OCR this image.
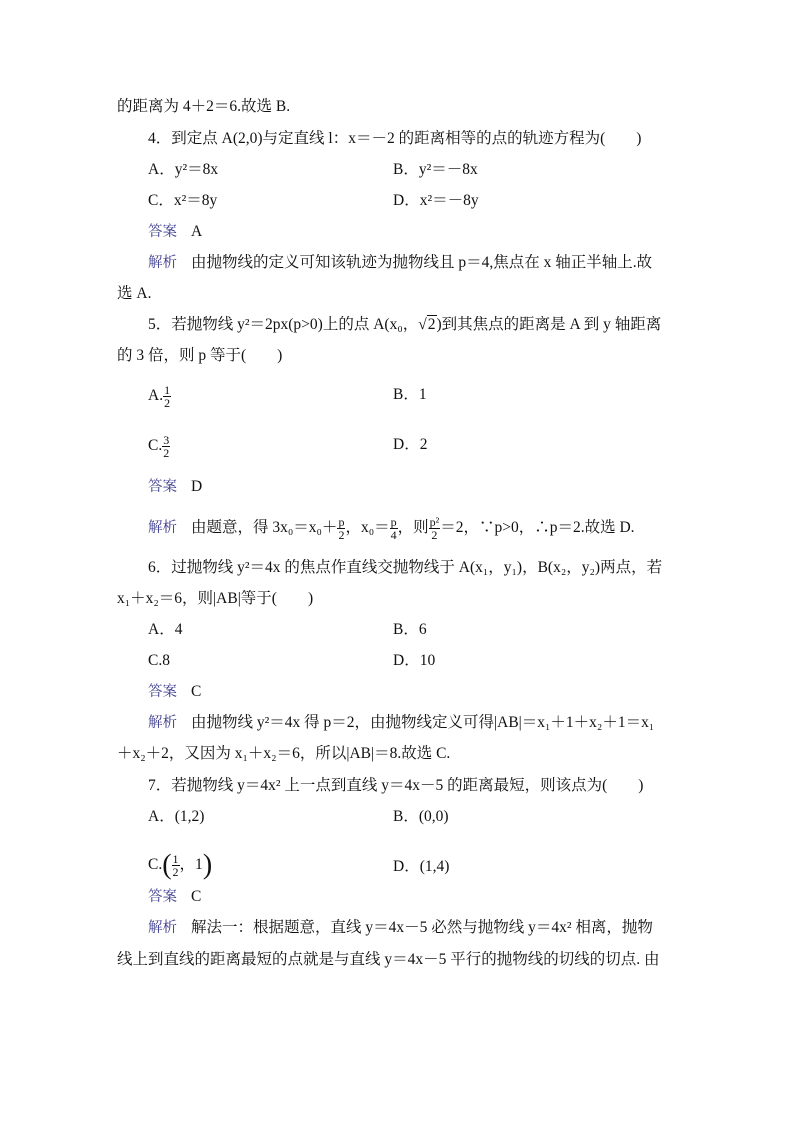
的距离为 4＋2＝6.故选 B.
4．到定点 A(2,0)与定直线 l：x＝－2 的距离相等的点的轨迹方程为(　　)
A．y²＝8x	B．y²＝－8x
C．x²＝8y	D．x²＝－8y
答案 A
解析 由抛物线的定义可知该轨迹为抛物线且 p＝4,焦点在 x 轴正半轴上.故
选 A.
5．若抛物线 y²＝2px(p>0)上的点 A(x₀，√2)到其焦点的距离是 A 到 y 轴距离
的 3 倍，则 p 等于(　　)
A. $\frac{1}{2}$	B．1
C. $\frac{3}{2}$	D．2
答案 D
解析 由题意，得 $3x_0=x_0+ \frac{p}{2}$ ，$x_0= \frac{p}{4}$ ，则 $\frac{\text{p²}}{2} =2$，∵p>0，∴p＝2.故选 D.
6．过抛物线 y²＝4x 的焦点作直线交抛物线于 A(x₁，y₁)，B(x₂，y₂)两点，若
x₁＋x₂＝6，则|AB|等于(　　)
A．4	B．6
C.8	D．10
答案 C
解析 由抛物线 y²＝4x 得 p＝2，由抛物线定义可得|AB|＝x₁＋1＋x₂＋1＝x₁
＋x₂＋2，又因为 x₁＋x₂＝6，所以|AB|＝8.故选 C.
7．若抛物线 y＝4x² 上一点到直线 y＝4x－5 的距离最短，则该点为(　　)
A．(1,2)	B．(0,0)
$C.( \frac{1}{2}$ ，1)	D．(1,4)
答案 C
解析 解法一：根据题意，直线 y＝4x－5 必然与抛物线 y＝4x² 相离，抛物
线上到直线的距离最短的点就是与直线 y＝4x－5 平行的抛物线的切线的切点. 由
